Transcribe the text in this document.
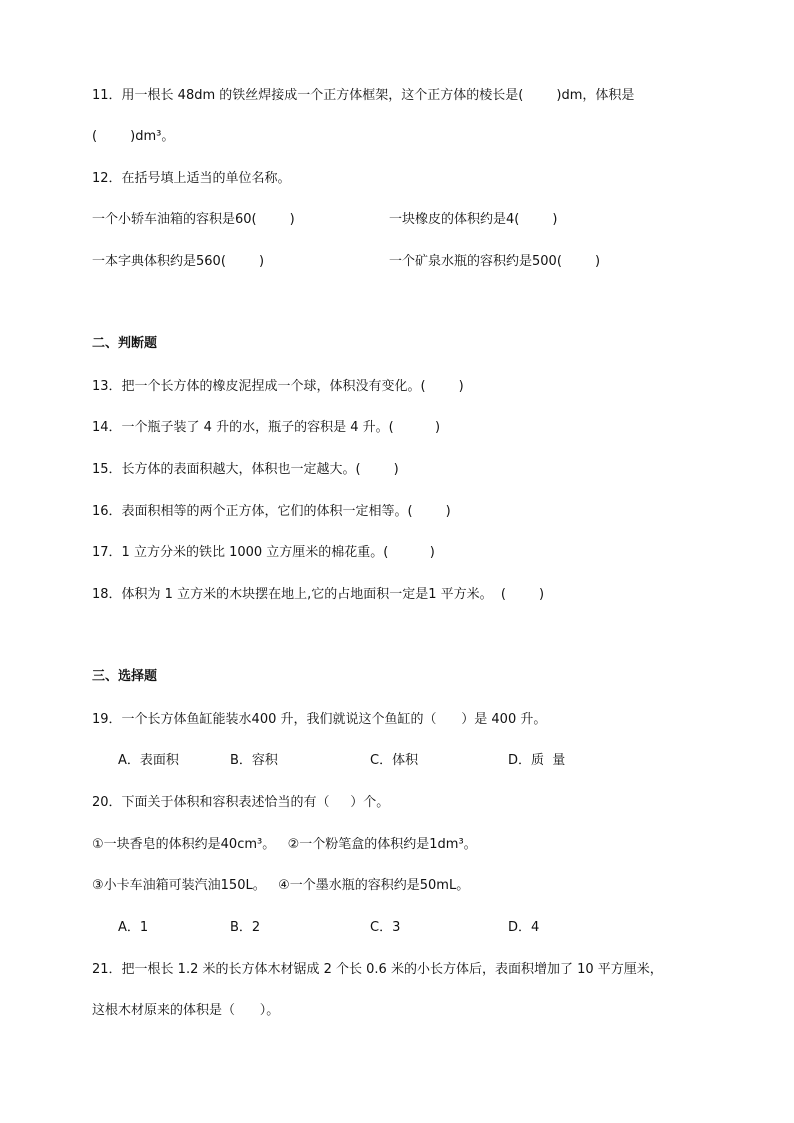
11．用一根长 48dm 的铁丝焊接成一个正方体框架，这个正方体的棱长是(        )dm，体积是
(        )dm³。
12．在括号填上适当的单位名称。
一个小轿车油箱的容积是60(        )	一块橡皮的体积约是4(        )
一本字典体积约是560(        )	一个矿泉水瓶的容积约是500(        )
二、判断题
13．把一个长方体的橡皮泥捏成一个球，体积没有变化。(        )
14．一个瓶子装了 4 升的水，瓶子的容积是 4 升。(          )
15．长方体的表面积越大，体积也一定越大。(        )
16．表面积相等的两个正方体，它们的体积一定相等。(        )
17．1 立方分米的铁比 1000 立方厘米的棉花重。(          )
18．体积为 1 立方米的木块摆在地上,它的占地面积一定是1 平方米。  (        )
三、选择题
19．一个长方体鱼缸能装水400 升，我们就说这个鱼缸的（      ）是 400 升。
A．表面积	B．容积	C．体积	D．质  量
20．下面关于体积和容积表述恰当的有（     ）个。
①一块香皂的体积约是40cm³。   ②一个粉笔盒的体积约是1dm³。
③小卡车油箱可装汽油150L。   ④一个墨水瓶的容积约是50mL。
A．1	B．2	C．3	D．4
21．把一根长 1.2 米的长方体木材锯成 2 个长 0.6 米的小长方体后，表面积增加了 10 平方厘米，
这根木材原来的体积是（      ）。
